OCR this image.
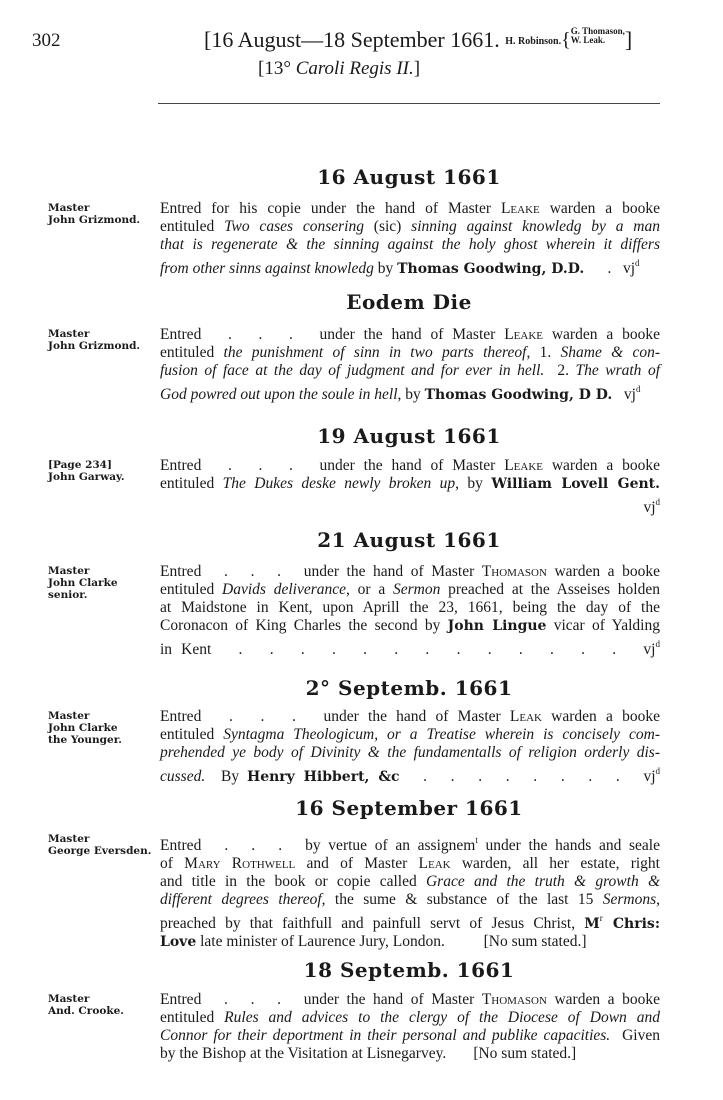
302	[16 August—18 September 1661. H. Robinson.{G. Thomason,
W. Leak. ]
[13° Caroli Regis II.]
16 August 1661
Master
John Grizmond.
Entred for his copie under the hand of Master Leake warden a booke
entituled Two cases consering (sic) sinning against knowledg by a man
that is regenerate & the sinning against the holy ghost wherein it differs
from other sinns against knowledg by Thomas Goodwing, D.D.      .   $vj^d$
Eodem Die
Master
John Grizmond.
Entred   .   .   .   under the hand of Master Leake warden a booke
entituled the punishment of sinn in two parts thereof, 1. Shame & con-
fusion of face at the day of judgment and for ever in hell.  2. The wrath of
God powred out upon the soule in hell, by Thomas Goodwing, D D.   $vj^d$
19 August 1661
[Page 234]
John Garway.
Entred   .   .   .   under the hand of Master Leake warden a booke
entituled The Dukes deske newly broken up, by William Lovell Gent.
$vj^d$
21 August 1661
Master
John Clarke
senior.
Entred   .   .   .   under the hand of Master Thomason warden a booke
entituled Davids deliverance, or a Sermon preached at the Asseises holden
at Maidstone in Kent, upon Aprill the 23, 1661, being the day of the
Coronacon of King Charles the second by John Lingue vicar of Yalding
in Kent   .   .   .   .   .   .   .   .   .   .   .   .   .   $vj^d$
2° Septemb. 1661
Master
John Clarke
the Younger.
Entred   .   .   .   under the hand of Master Leak warden a booke
entituled Syntagma Theologicum, or a Treatise wherein is concisely com-
prehended ye body of Divinity & the fundamentalls of religion orderly dis-
cussed.  By Henry Hibbert, &c   .   .   .   .   .   .   .   .   $vj^d$
16 September 1661
Master
George Eversden. Entred   .   .   .   by vertue of an assignem$^t$ under the hands and seale
of Mary Rothwell and of Master Leak warden, all her estate, right
and title in the book or copie called Grace and the truth & growth &
different degrees thereof, the sume & substance of the last 15 Sermons,
preached by that faithfull and painfull servt of Jesus Christ, $M^r$ Chris:
Love late minister of Laurence Jury, London.          [No sum stated.]
18 Septemb. 1661
Master
And. Crooke.
Entred   .   .   .   under the hand of Master Thomason warden a booke
entituled Rules and advices to the clergy of the Diocese of Down and
Connor for their deportment in their personal and publike capacities.  Given
by the Bishop at the Visitation at Lisnegarvey.       [No sum stated.]
